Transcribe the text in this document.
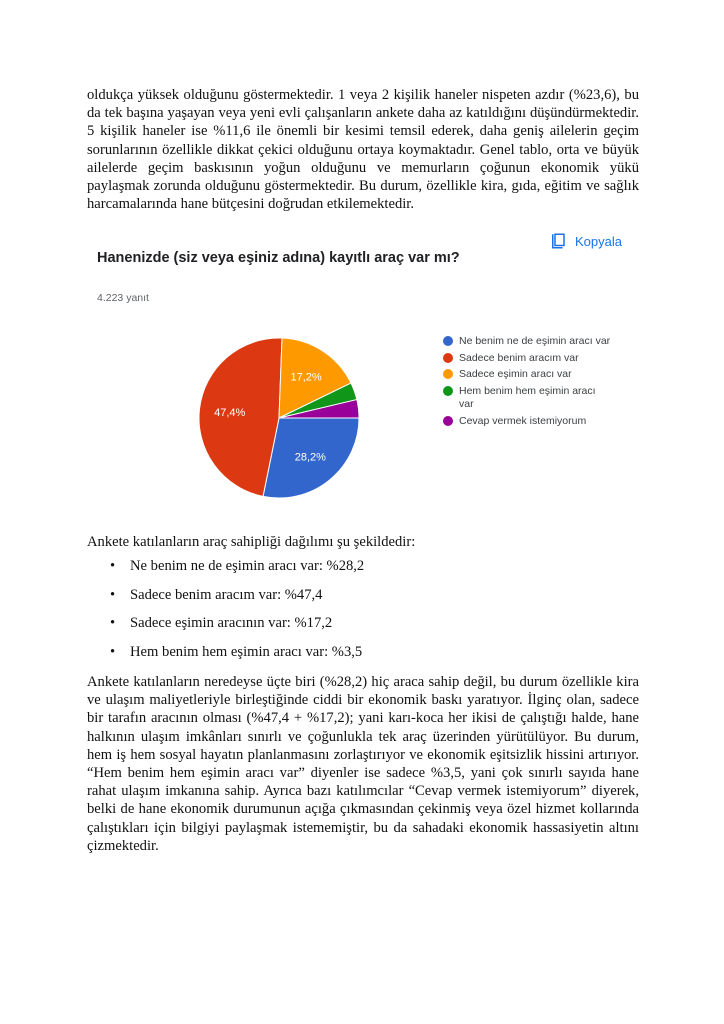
oldukça yüksek olduğunu göstermektedir. 1 veya 2 kişilik haneler nispeten azdır (%23,6), bu da tek başına yaşayan veya yeni evli çalışanların ankete daha az katıldığını düşündürmektedir. 5 kişilik haneler ise %11,6 ile önemli bir kesimi temsil ederek, daha geniş ailelerin geçim sorunlarının özellikle dikkat çekici olduğunu ortaya koymaktadır. Genel tablo, orta ve büyük ailelerde geçim baskısının yoğun olduğunu ve memurların çoğunun ekonomik yükü paylaşmak zorunda olduğunu göstermektedir. Bu durum, özellikle kira, gıda, eğitim ve sağlık harcamalarında hane bütçesini doğrudan etkilemektedir.

Kopyala
Hanenizde (siz veya eşiniz adına) kayıtlı araç var mı?
4.223 yanıt
28,2%
47,4%
17,2%
Ne benim ne de eşimin aracı var
Sadece benim aracım var
Sadece eşimin aracı var
Hem benim hem eşimin aracı var
Cevap vermek istemiyorum

Ankete katılanların araç sahipliği dağılımı şu şekildedir:

• Ne benim ne de eşimin aracı var: %28,2
• Sadece benim aracım var: %47,4
• Sadece eşimin aracının var: %17,2
• Hem benim hem eşimin aracı var: %3,5

Ankete katılanların neredeyse üçte biri (%28,2) hiç araca sahip değil, bu durum özellikle kira ve ulaşım maliyetleriyle birleştiğinde ciddi bir ekonomik baskı yaratıyor. İlginç olan, sadece bir tarafın aracının olması (%47,4 + %17,2); yani karı-koca her ikisi de çalıştığı halde, hane halkının ulaşım imkânları sınırlı ve çoğunlukla tek araç üzerinden yürütülüyor. Bu durum, hem iş hem sosyal hayatın planlanmasını zorlaştırıyor ve ekonomik eşitsizlik hissini artırıyor. “Hem benim hem eşimin aracı var” diyenler ise sadece %3,5, yani çok sınırlı sayıda hane rahat ulaşım imkanına sahip. Ayrıca bazı katılımcılar “Cevap vermek istemiyorum” diyerek, belki de hane ekonomik durumunun açığa çıkmasından çekinmiş veya özel hizmet kollarında çalıştıkları için bilgiyi paylaşmak istememiştir, bu da sahadaki ekonomik hassasiyetin altını çizmektedir.
